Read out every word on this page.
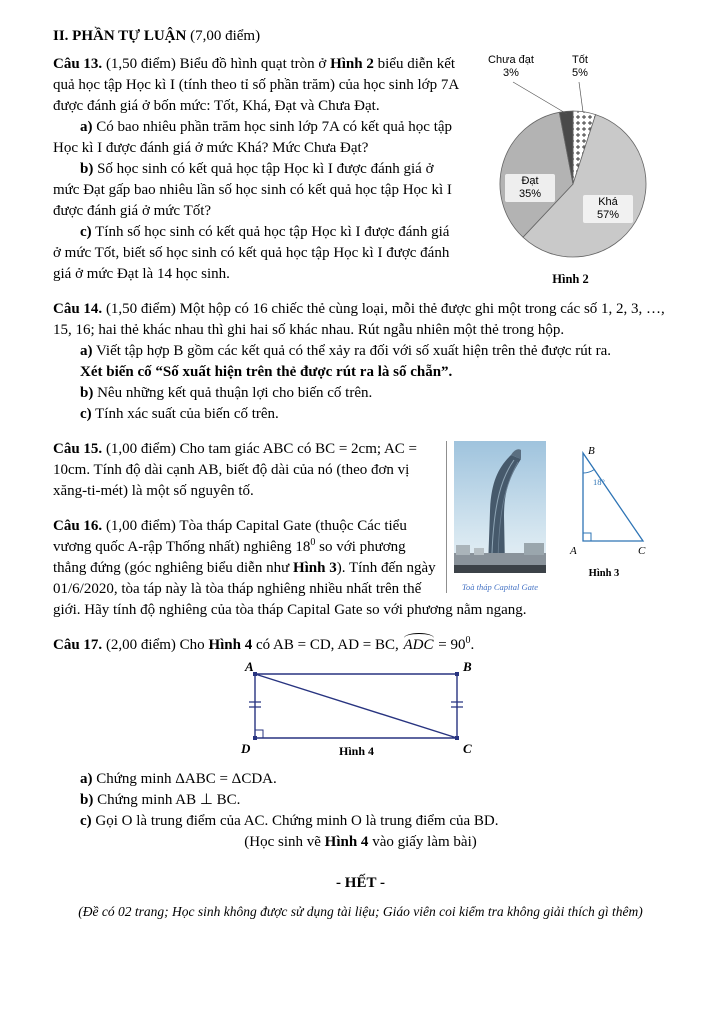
II. PHẦN TỰ LUẬN (7,00 điểm)

Chưa đạt
3%
Tốt
5%
Đạt
35%
Khá
57%
Hình 2

Câu 13. (1,50 điểm) Biểu đồ hình quạt tròn ở Hình 2 biểu diễn kết quả học tập Học kì I (tính theo tỉ số phần trăm) của học sinh lớp 7A được đánh giá ở bốn mức: Tốt, Khá, Đạt và Chưa Đạt.

a) Có bao nhiêu phần trăm học sinh lớp 7A có kết quả học tập Học kì I được đánh giá ở mức Khá? Mức Chưa Đạt?

b) Số học sinh có kết quả học tập Học kì I được đánh giá ở mức Đạt gấp bao nhiêu lần số học sinh có kết quả học tập Học kì I được đánh giá ở mức Tốt?

c) Tính số học sinh có kết quả học tập Học kì I được đánh giá ở mức Tốt, biết số học sinh có kết quả học tập Học kì I được đánh giá ở mức Đạt là 14 học sinh.

Câu 14. (1,50 điểm) Một hộp có 16 chiếc thẻ cùng loại, mỗi thẻ được ghi một trong các số 1, 2, 3, …, 15, 16; hai thẻ khác nhau thì ghi hai số khác nhau. Rút ngẫu nhiên một thẻ trong hộp.

a) Viết tập hợp B gồm các kết quả có thể xảy ra đối với số xuất hiện trên thẻ được rút ra.

Xét biến cố “Số xuất hiện trên thẻ được rút ra là số chẵn”.

b) Nêu những kết quả thuận lợi cho biến cố trên.

c) Tính xác suất của biến cố trên.

Toà tháp Capital Gate
18°
B
A	C
Hình 3

Câu 15. (1,00 điểm) Cho tam giác ABC có BC = 2cm; AC = 10cm. Tính độ dài cạnh AB, biết độ dài của nó (theo đơn vị xăng-ti-mét) là một số nguyên tố.

Câu 16. (1,00 điểm) Tòa tháp Capital Gate (thuộc Các tiểu vương quốc A-rập Thống nhất) nghiêng $18^0$ so với phương thẳng đứng (góc nghiêng biểu diễn như Hình 3). Tính đến ngày 01/6/2020, tòa táp này là tòa tháp nghiêng nhiều nhất trên thế giới. Hãy tính độ nghiêng của tòa tháp Capital Gate so với phương nằm ngang.

Câu 17. (2,00 điểm) Cho Hình 4 có AB = CD, AD = BC, ADC = $90^0$.

A	B
D	C
Hình 4

a) Chứng minh ΔABC = ΔCDA.

b) Chứng minh AB ⊥ BC.

c) Gọi O là trung điểm của AC. Chứng minh O là trung điểm của BD.

(Học sinh vẽ Hình 4 vào giấy làm bài)

- HẾT -

(Đề có 02 trang; Học sinh không được sử dụng tài liệu; Giáo viên coi kiểm tra không giải thích gì thêm)
